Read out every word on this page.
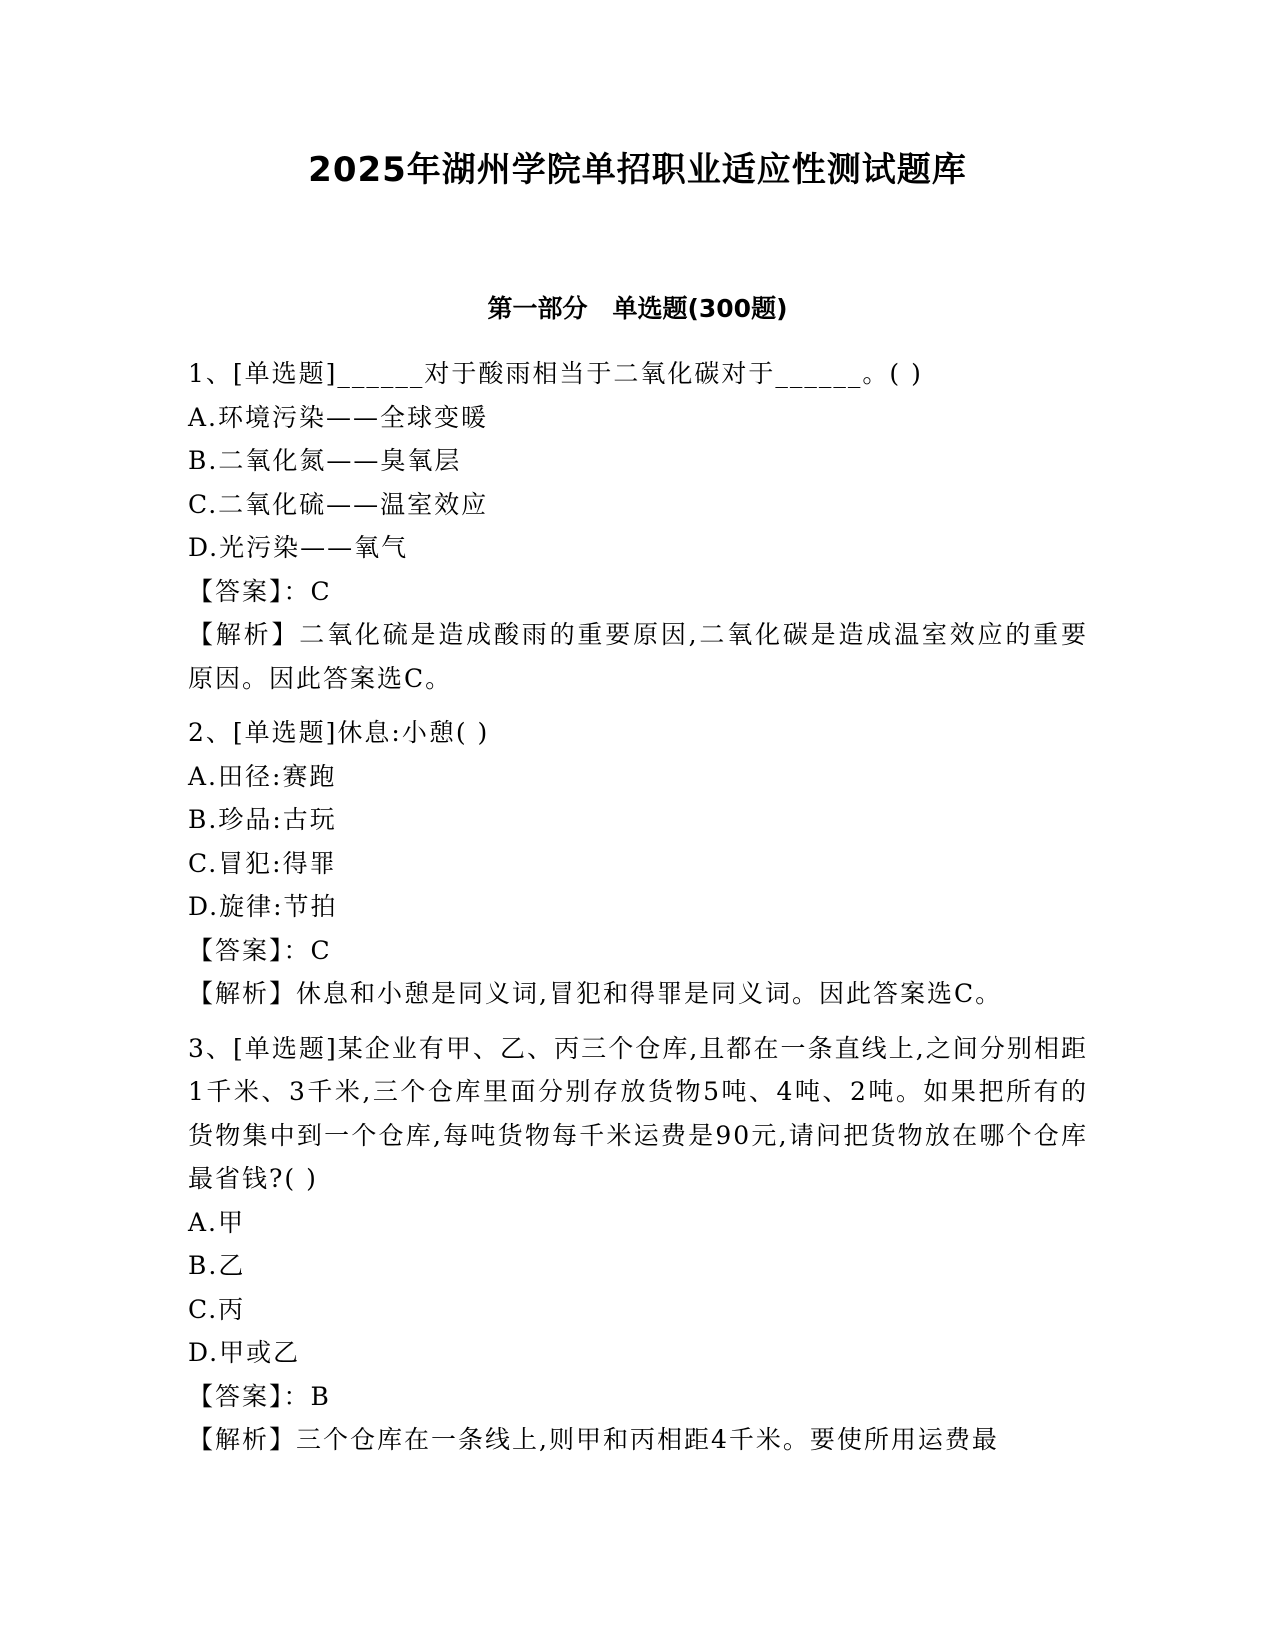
2025年湖州学院单招职业适应性测试题库
第一部分　单选题(300题)

1、[单选题]______对于酸雨相当于二氧化碳对于______。( )

A.环境污染——全球变暖

B.二氧化氮——臭氧层

C.二氧化硫——温室效应

D.光污染——氧气

【答案】：C

【解析】二氧化硫是造成酸雨的重要原因,二氧化碳是造成温室效应的重要原因。因此答案选C。

2、[单选题]休息:小憩( )

A.田径:赛跑

B.珍品:古玩

C.冒犯:得罪

D.旋律:节拍

【答案】：C

【解析】休息和小憩是同义词,冒犯和得罪是同义词。因此答案选C。

3、[单选题]某企业有甲、乙、丙三个仓库,且都在一条直线上,之间分别相距1千米、3千米,三个仓库里面分别存放货物5吨、4吨、2吨。如果把所有的货物集中到一个仓库,每吨货物每千米运费是90元,请问把货物放在哪个仓库最省钱?( )

A.甲

B.乙

C.丙

D.甲或乙

【答案】：B

【解析】三个仓库在一条线上,则甲和丙相距4千米。要使所用运费最
